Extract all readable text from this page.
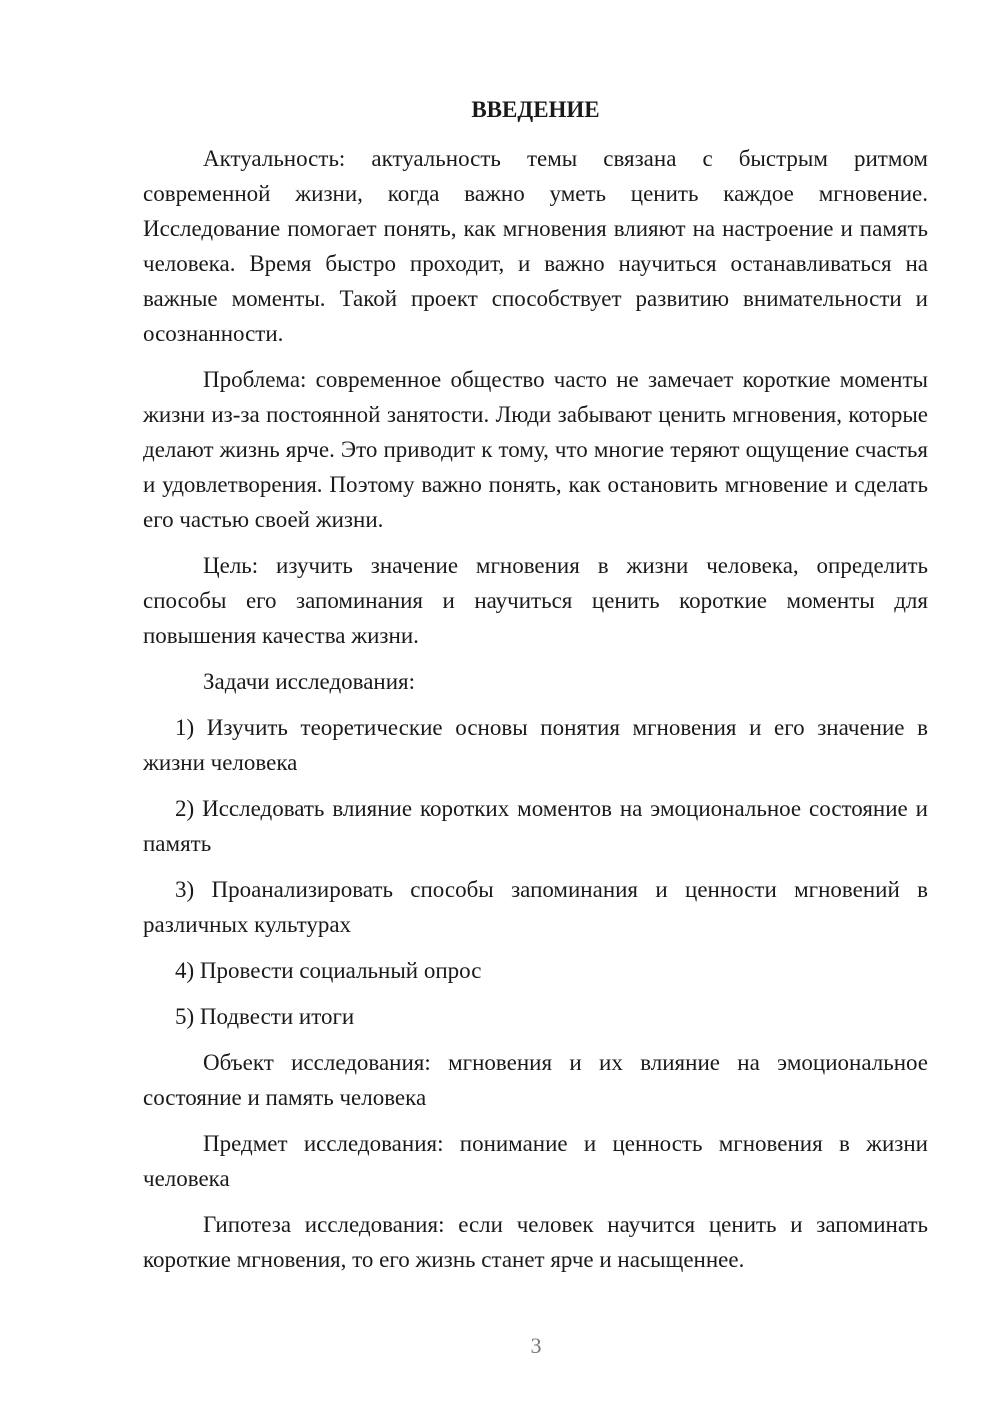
ВВЕДЕНИЕ

Актуальность: актуальность темы связана с быстрым ритмом современной жизни, когда важно уметь ценить каждое мгновение. Исследование помогает понять, как мгновения влияют на настроение и память человека. Время быстро проходит, и важно научиться останавливаться на важные моменты. Такой проект способствует развитию внимательности и осознанности.

Проблема: современное общество часто не замечает короткие моменты жизни из-за постоянной занятости. Люди забывают ценить мгновения, которые делают жизнь ярче. Это приводит к тому, что многие теряют ощущение счастья и удовлетворения. Поэтому важно понять, как остановить мгновение и сделать его частью своей жизни.

Цель: изучить значение мгновения в жизни человека, определить способы его запоминания и научиться ценить короткие моменты для повышения качества жизни.

Задачи исследования:

1) Изучить теоретические основы понятия мгновения и его значение в жизни человека

2) Исследовать влияние коротких моментов на эмоциональное состояние и память

3) Проанализировать способы запоминания и ценности мгновений в различных культурах

4) Провести социальный опрос

5) Подвести итоги

Объект исследования: мгновения и их влияние на эмоциональное состояние и память человека

Предмет исследования: понимание и ценность мгновения в жизни человека

Гипотеза исследования: если человек научится ценить и запоминать короткие мгновения, то его жизнь станет ярче и насыщеннее.

3
